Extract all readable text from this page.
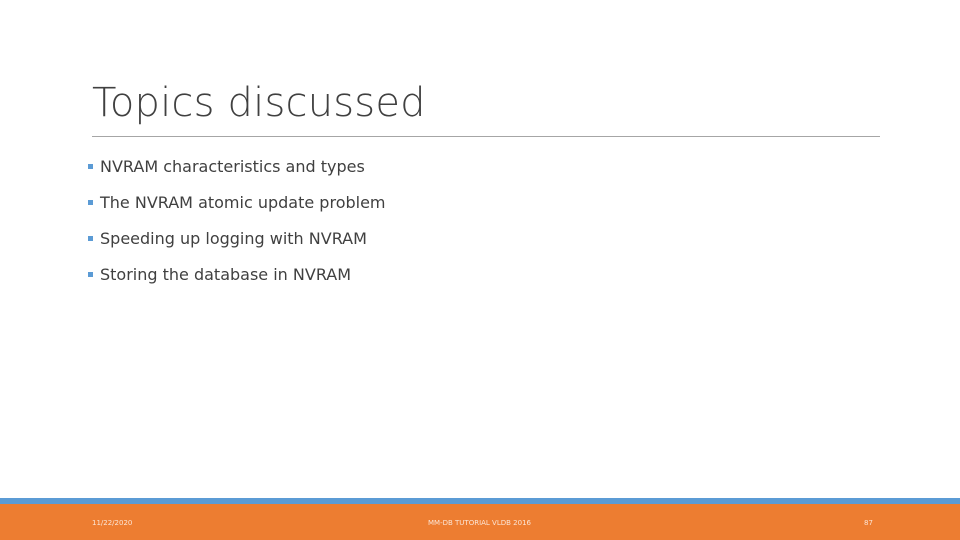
Topics discussed
NVRAM characteristics and types
The NVRAM atomic update problem
Speeding up logging with NVRAM
Storing the database in NVRAM
11/22/2020	MM-DB TUTORIAL VLDB 2016	87
